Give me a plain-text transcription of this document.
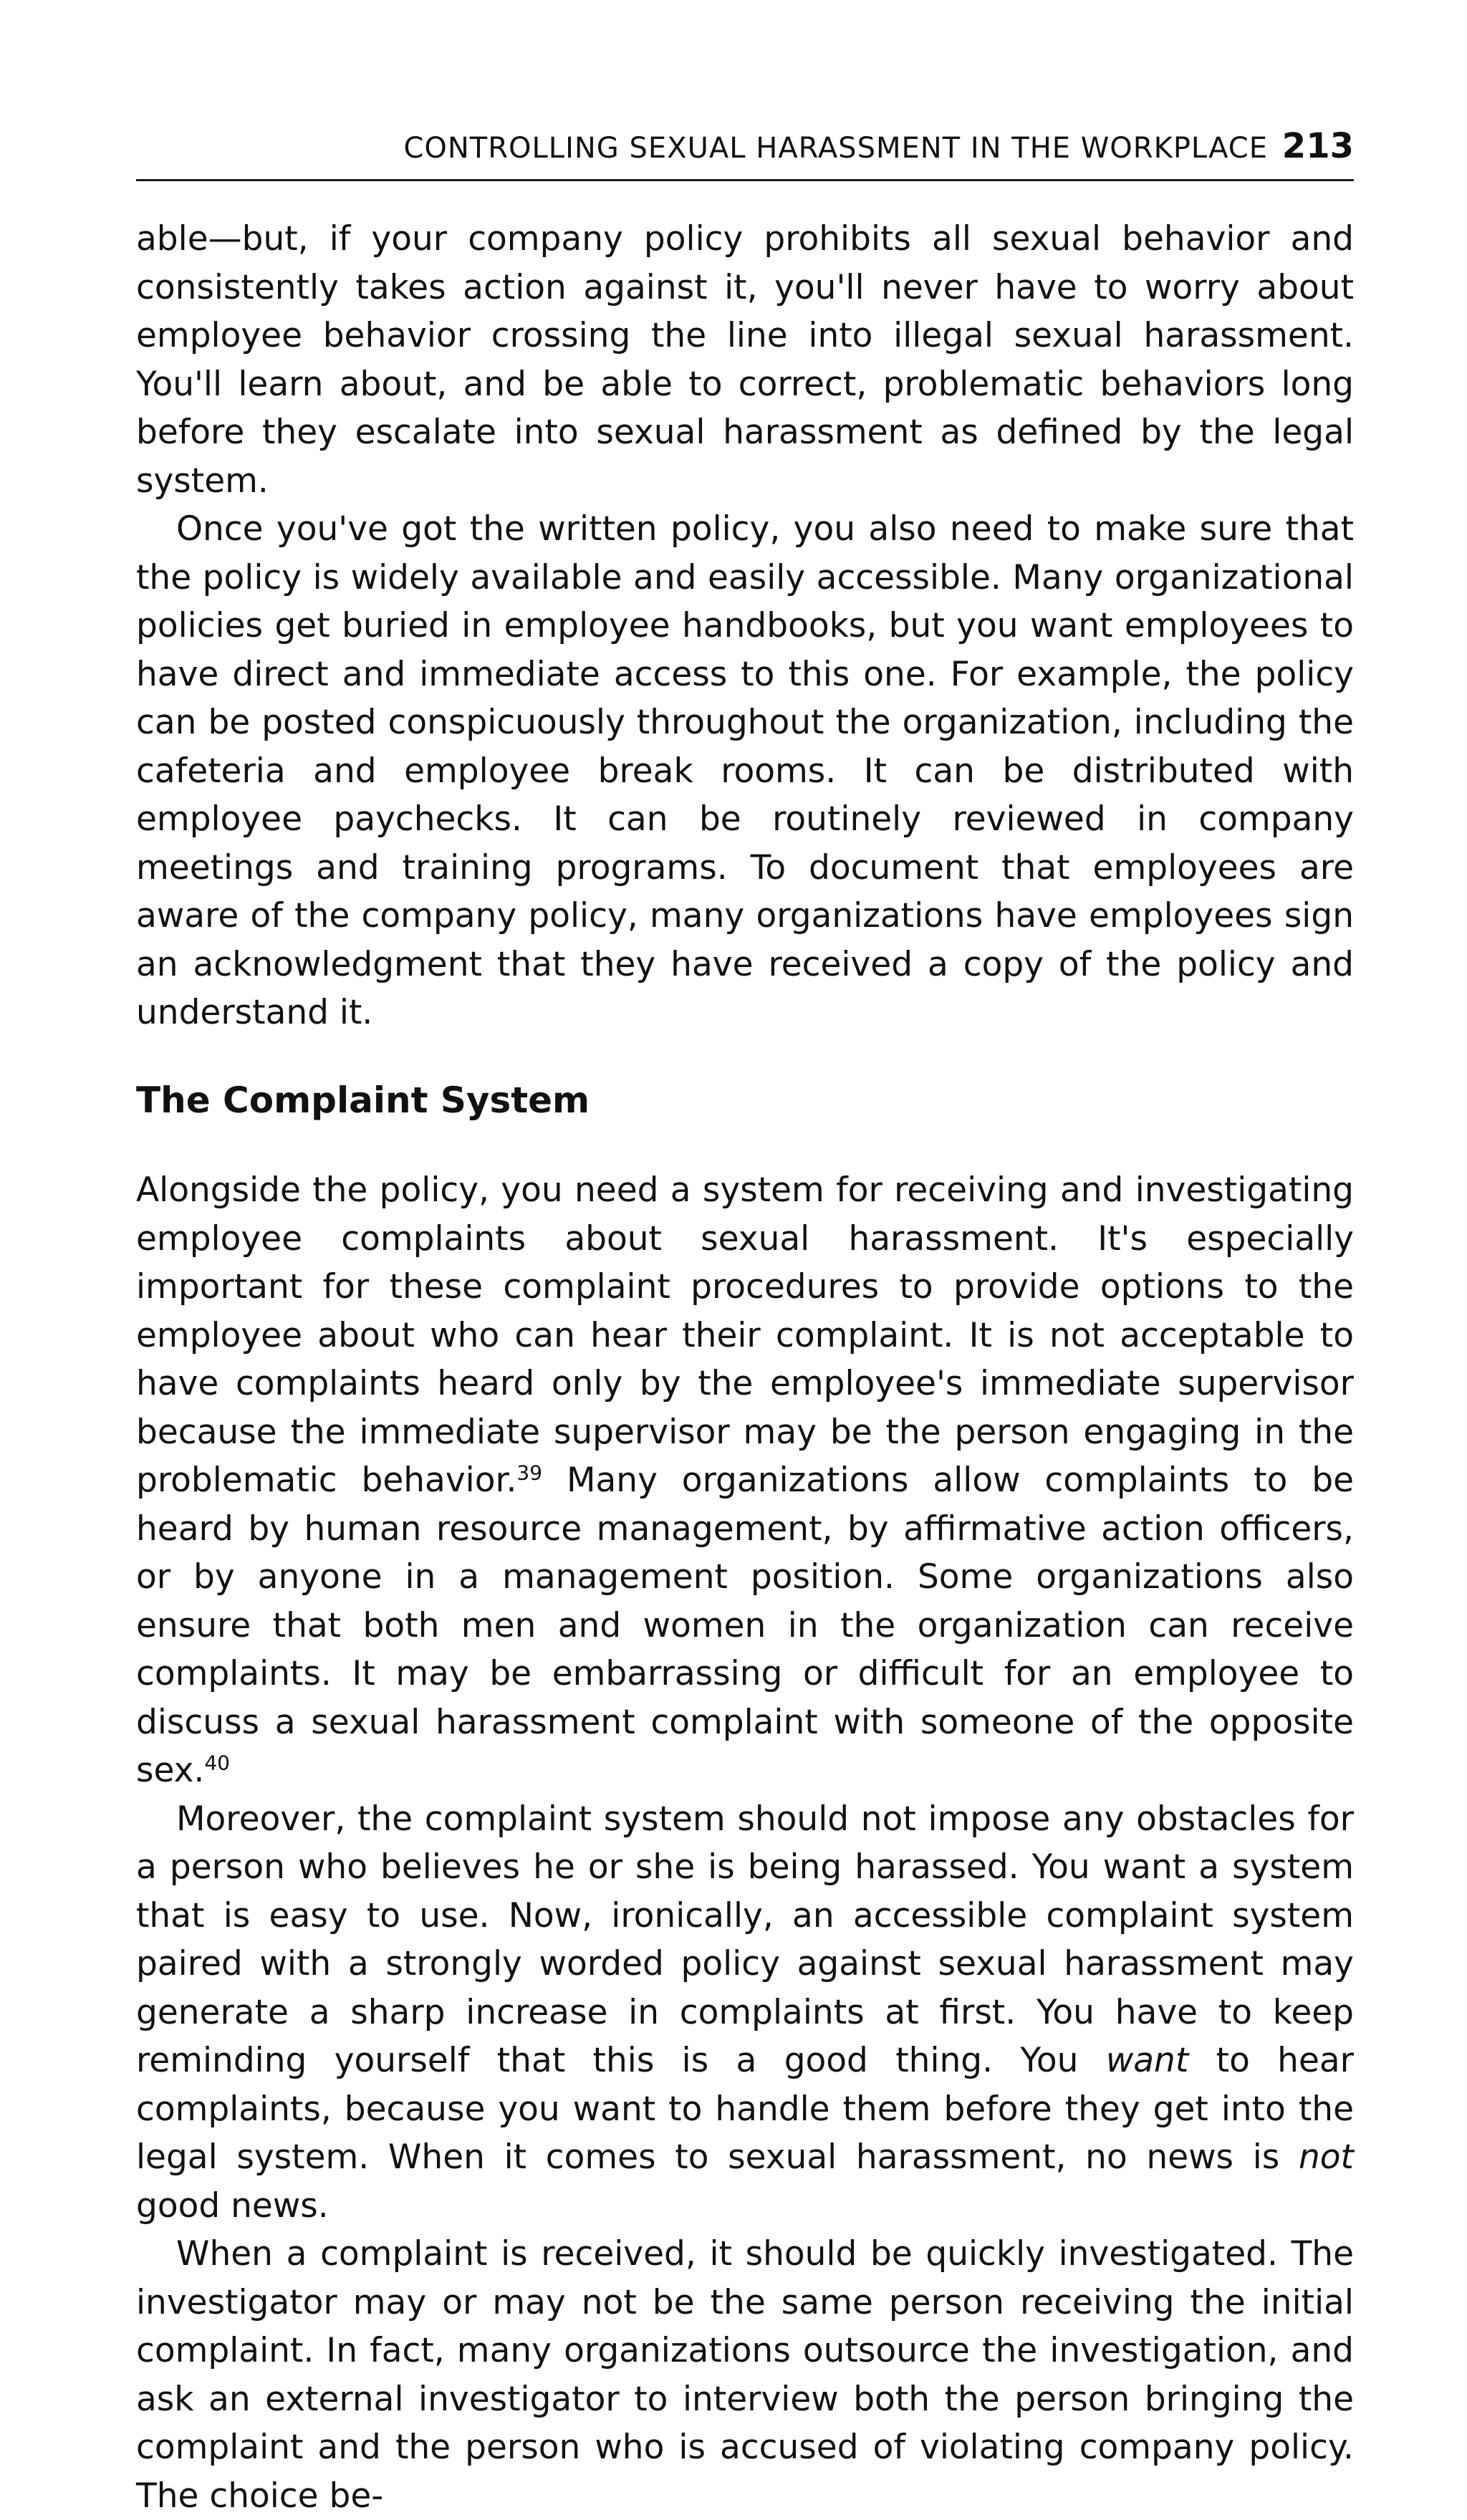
CONTROLLING SEXUAL HARASSMENT IN THE WORKPLACE 213

able—but, if your company policy prohibits all sexual behavior and consistently takes action against it, you'll never have to worry about employee behavior crossing the line into illegal sexual harassment. You'll learn about, and be able to correct, problematic behaviors long before they escalate into sexual harassment as defined by the legal system.

Once you've got the written policy, you also need to make sure that the policy is widely available and easily accessible. Many organizational policies get buried in employee handbooks, but you want employees to have direct and immediate access to this one. For example, the policy can be posted conspicuously throughout the organization, including the cafeteria and employee break rooms. It can be distributed with employee paychecks. It can be routinely reviewed in company meetings and training programs. To document that employees are aware of the company policy, many organizations have employees sign an acknowledgment that they have received a copy of the policy and understand it.

The Complaint System

Alongside the policy, you need a system for receiving and investigating employee complaints about sexual harassment. It's especially important for these complaint procedures to provide options to the employee about who can hear their complaint. It is not acceptable to have complaints heard only by the employee's immediate supervisor because the immediate supervisor may be the person engaging in the problematic behavior.$^{39}$ Many organizations allow complaints to be heard by human resource management, by affirmative action officers, or by anyone in a management position. Some organizations also ensure that both men and women in the organization can receive complaints. It may be embarrassing or difficult for an employee to discuss a sexual harassment complaint with someone of the opposite sex.$^{40}$

Moreover, the complaint system should not impose any obstacles for a person who believes he or she is being harassed. You want a system that is easy to use. Now, ironically, an accessible complaint system paired with a strongly worded policy against sexual harassment may generate a sharp increase in complaints at first. You have to keep reminding yourself that this is a good thing. You want to hear complaints, because you want to handle them before they get into the legal system. When it comes to sexual harassment, no news is not good news.

When a complaint is received, it should be quickly investigated. The investigator may or may not be the same person receiving the initial complaint. In fact, many organizations outsource the investigation, and ask an external investigator to interview both the person bringing the complaint and the person who is accused of violating company policy. The choice be-
